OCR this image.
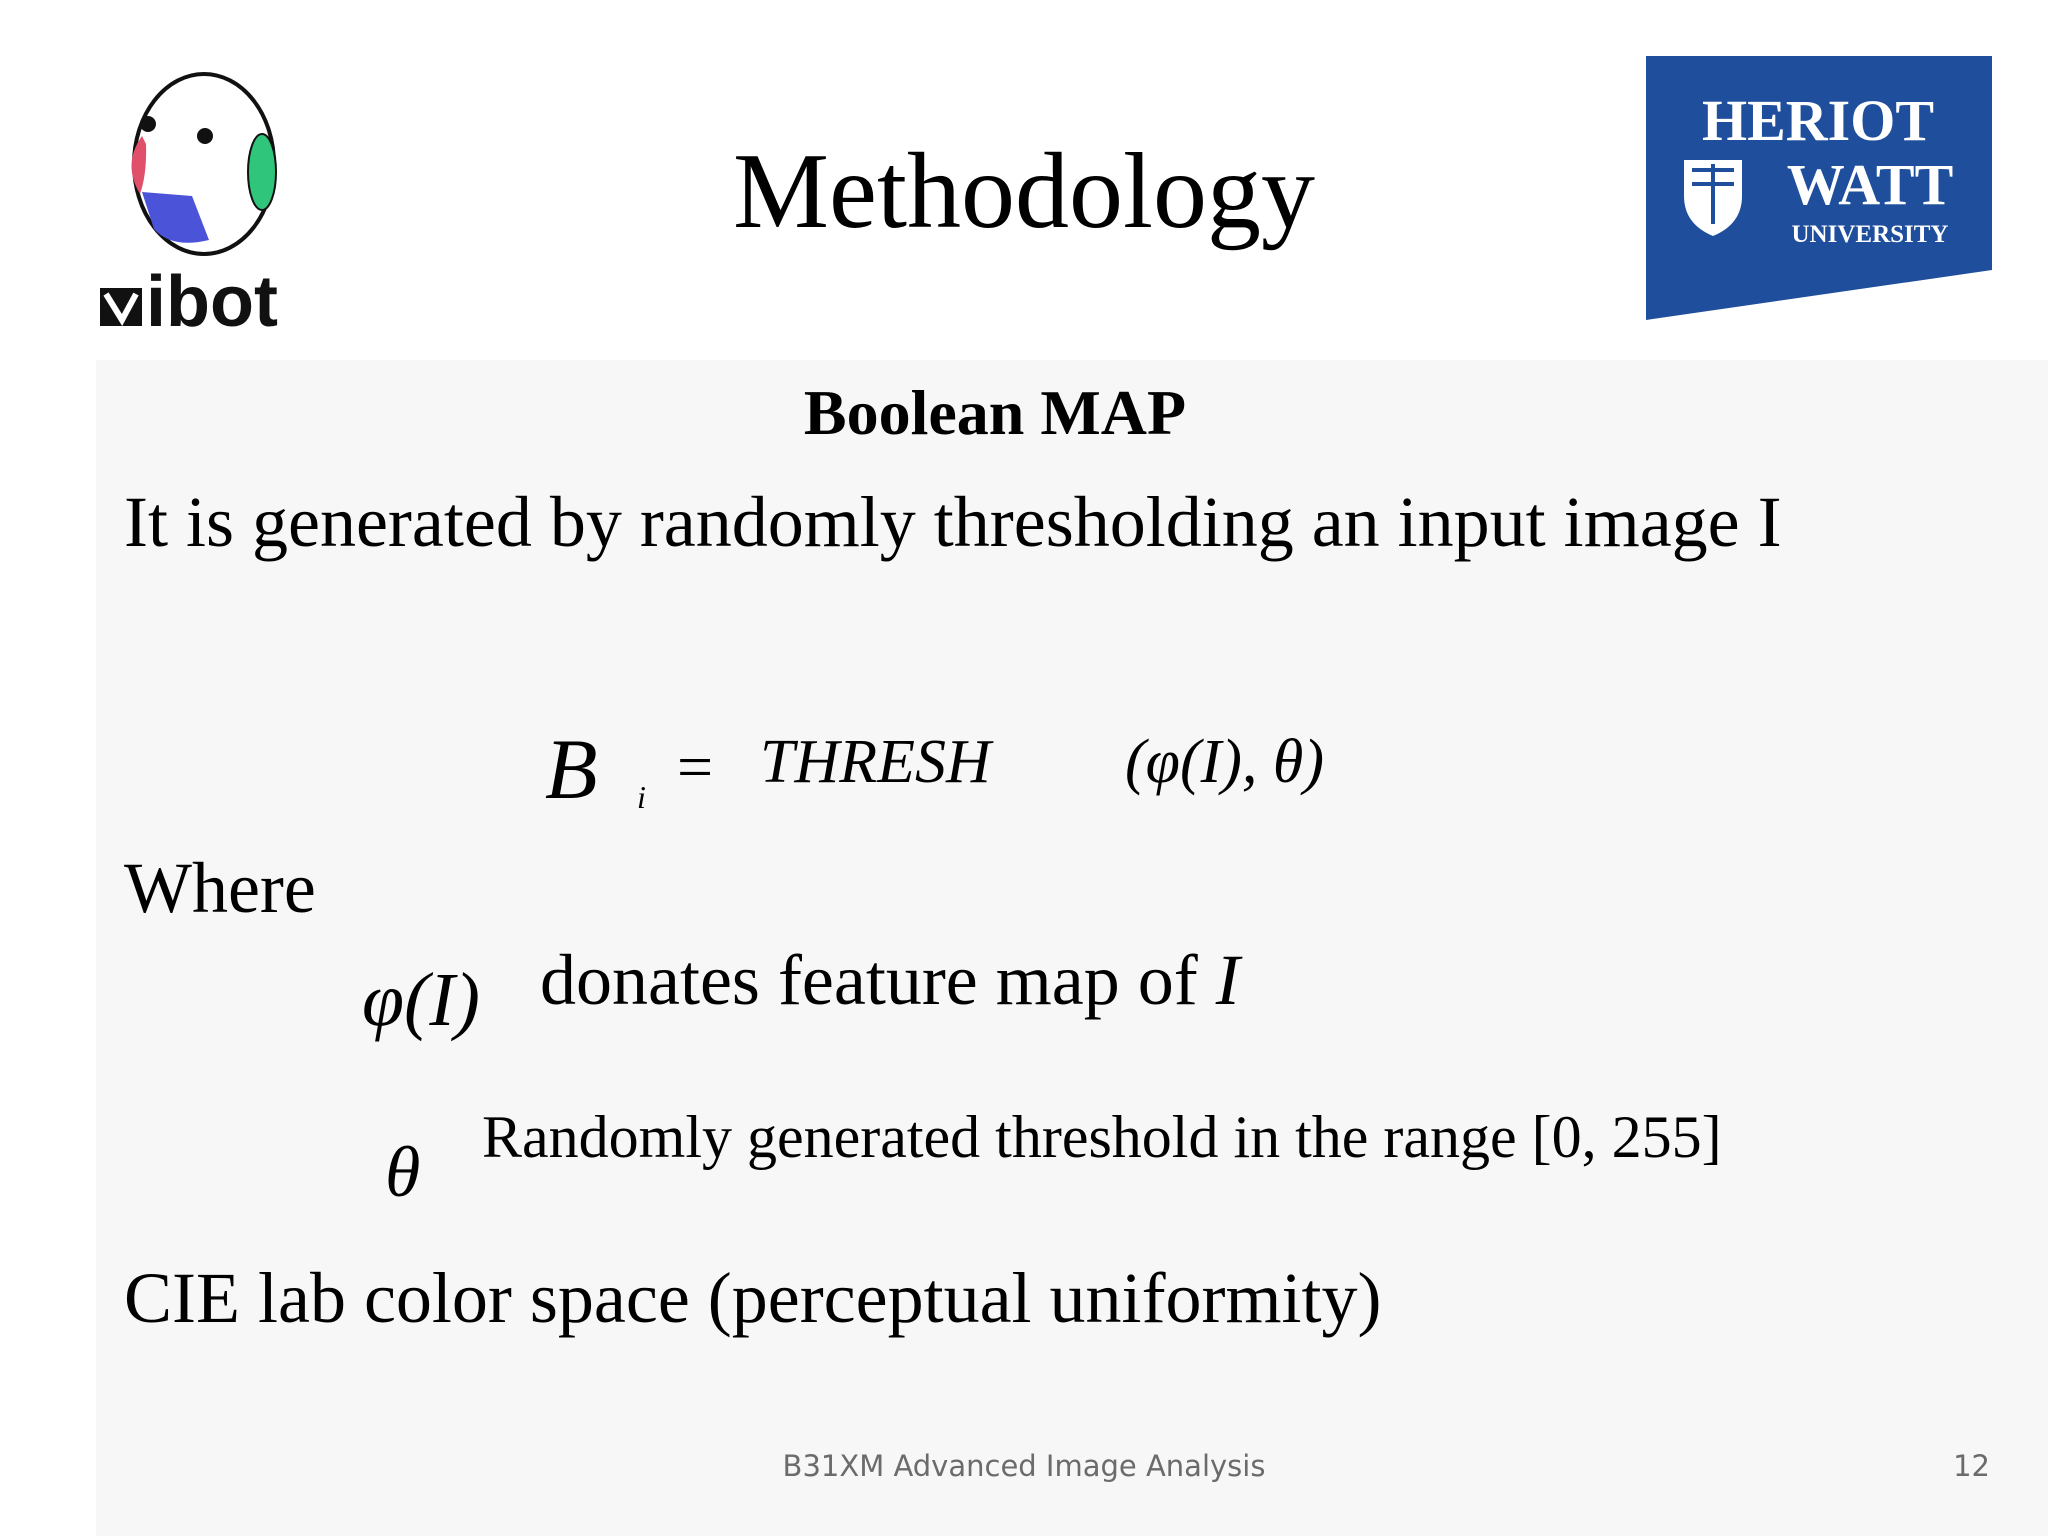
ibot
HERIOT
WATT
UNIVERSITY
Methodology
Boolean MAP
It is generated by randomly thresholding an input image I
B i = THRESH (φ(I), θ)
Where
φ(I) donates feature map of I
θ Randomly generated threshold in the range [0, 255]
CIE lab color space (perceptual uniformity)
B31XM Advanced Image Analysis	12
